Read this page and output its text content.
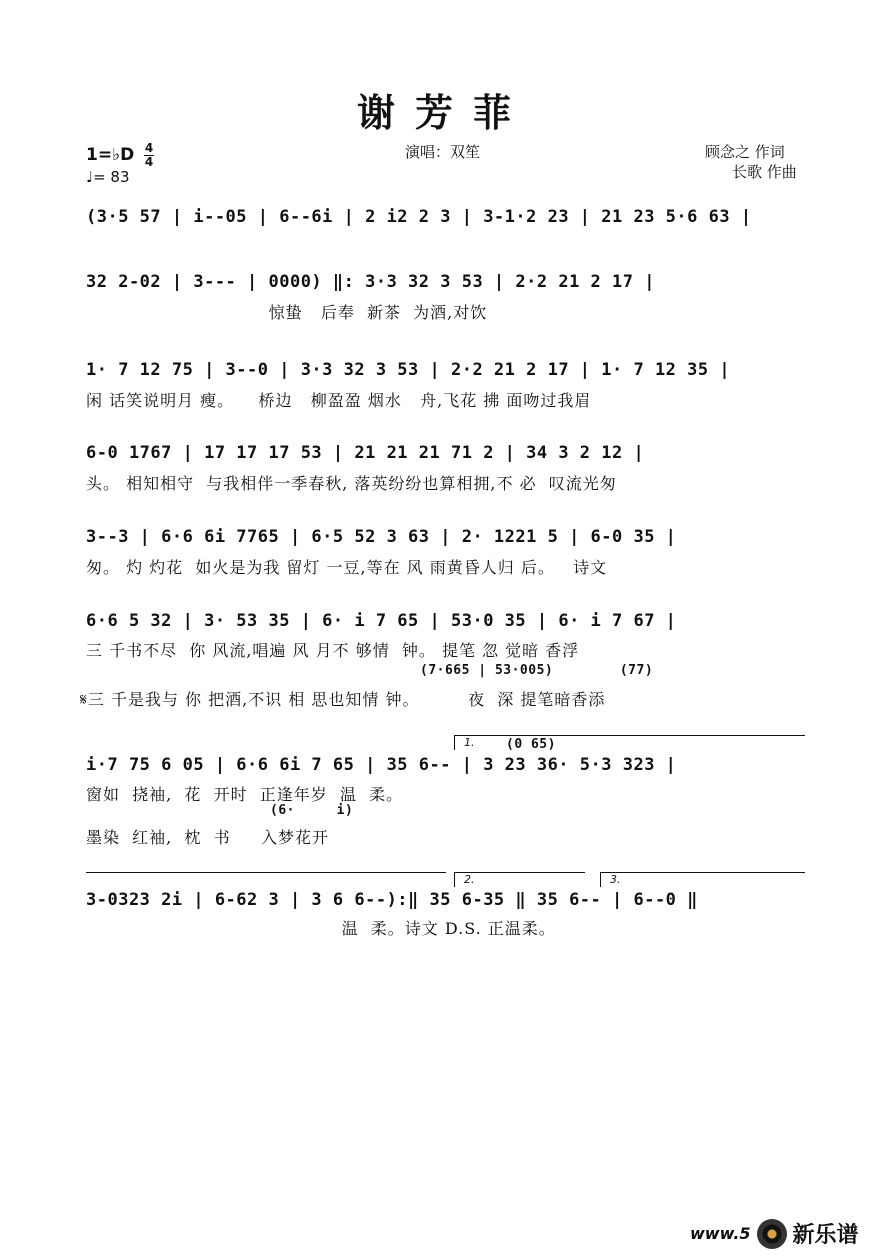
谢芳菲
1=♭D 4
4
♩= 83
演唱：双笙	顾念之 作词
长歌 作曲
(3·5 57 | i--05 | 6--6i | 2 i2 2 3 | 3-1·2 23 | 21 23 5·6 63 |
32 2-02 | 3--- | 0000) ‖: 3·3 32 3 53 | 2·2 21 2 17 |
惊蛰   后奉  新茶  为酒,对饮
1· 7 12 75 | 3--0 | 3·3 32 3 53 | 2·2 21 2 17 | 1· 7 12 35 |
闲 话笑说明月 瘦。    桥边   柳盈盈 烟水   舟,飞花 拂 面吻过我眉
6-0 1767 | 17 17 17 53 | 21 21 21 71 2 | 34 3 2 12 |
头。 相知相守  与我相伴一季春秋, 落英纷纷也算相拥,不 必  叹流光匆
3--3 | 6·6 6i 7765 | 6·5 52 3 63 | 2· 1221 5 | 6-0 35 |
匆。 灼 灼花  如火是为我 留灯 一豆,等在 风 雨黄昏人归 后。   诗文
6·6 5 32 | 3· 53 35 | 6· i 7 65 | 53·0 35 | 6· i 7 67 |
三 千书不尽  你 风流,唱遍 风 月不 够情  钟。 提笔 忽 觉暗 香浮
(7·665 | 53·005)        (77)
𝄋三 千是我与 你 把酒,不识 相 思也知情 钟。        夜  深 提笔暗香添
1. (0 65)
i·7 75 6 05 | 6·6 6i 7 65 | 35 6-- | 3 23 36· 5·3 323 |
窗如  挠袖,  花  开时  正逢年岁  温  柔。
(6·     i)
墨染  红袖,  枕  书     入梦花开
2.	3.
3-0323 2i | 6-62 3 | 3 6 6--):‖ 35 6-35 ‖ 35 6-- | 6--0 ‖
温  柔。诗文 D.S. 正温柔。
www.5 新乐谱
